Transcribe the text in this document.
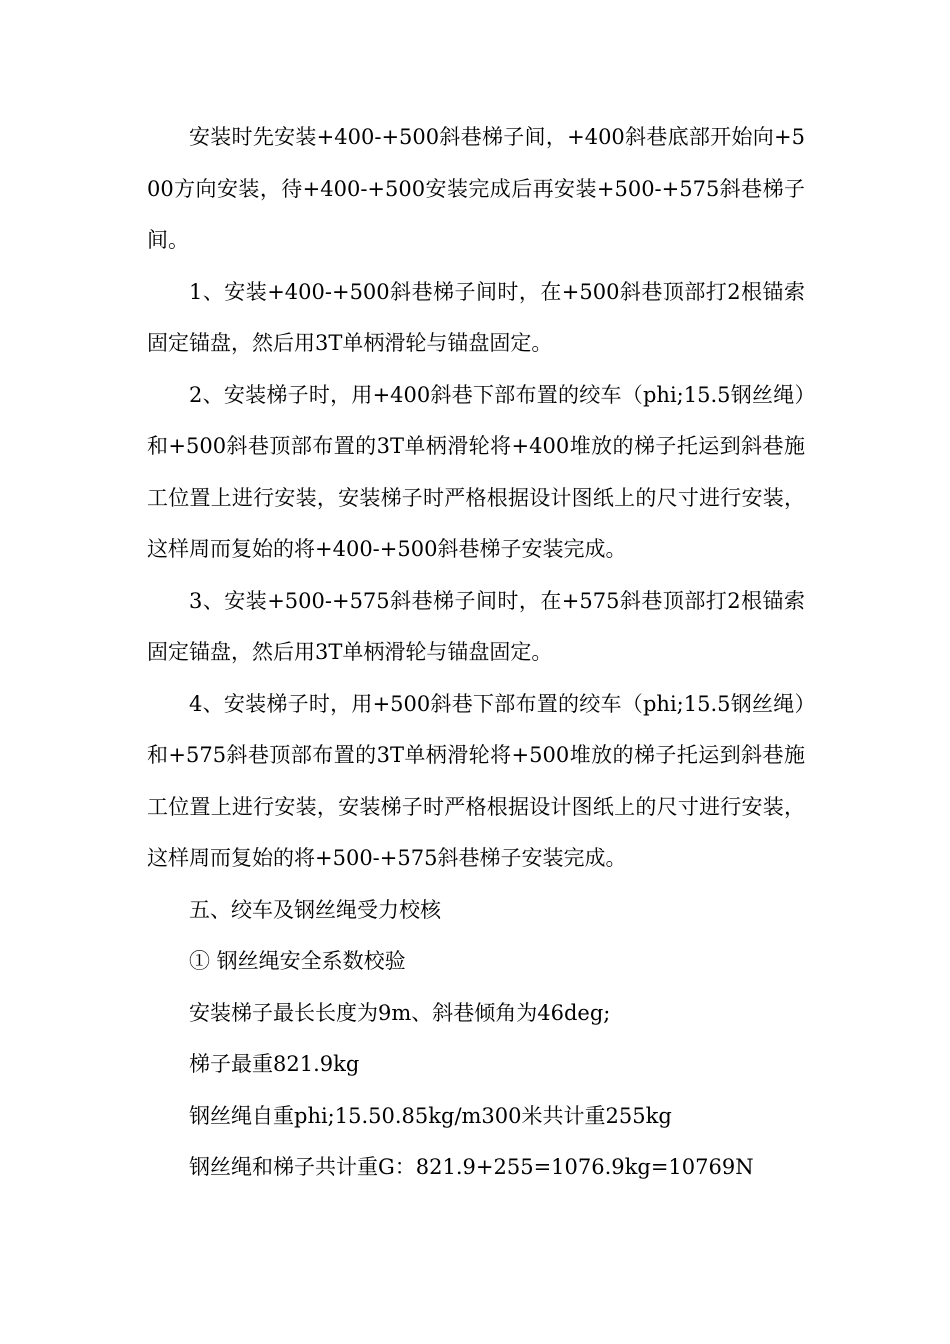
安装时先安装+400-+500斜巷梯子间，+400斜巷底部开始向+500方向安装，待+400-+500安装完成后再安装+500-+575斜巷梯子间。

1、安装+400-+500斜巷梯子间时，在+500斜巷顶部打2根锚索固定锚盘，然后用3T单柄滑轮与锚盘固定。

2、安装梯子时，用+400斜巷下部布置的绞车（phi;15.5钢丝绳）和+500斜巷顶部布置的3T单柄滑轮将+400堆放的梯子托运到斜巷施工位置上进行安装，安装梯子时严格根据设计图纸上的尺寸进行安装，这样周而复始的将+400-+500斜巷梯子安装完成。

3、安装+500-+575斜巷梯子间时，在+575斜巷顶部打2根锚索固定锚盘，然后用3T单柄滑轮与锚盘固定。

4、安装梯子时，用+500斜巷下部布置的绞车（phi;15.5钢丝绳）和+575斜巷顶部布置的3T单柄滑轮将+500堆放的梯子托运到斜巷施工位置上进行安装，安装梯子时严格根据设计图纸上的尺寸进行安装，这样周而复始的将+500-+575斜巷梯子安装完成。

五、绞车及钢丝绳受力校核

① 钢丝绳安全系数校验

安装梯子最长长度为9m、斜巷倾角为46deg;

梯子最重821.9kg

钢丝绳自重phi;15.50.85kg/m300米共计重255kg

钢丝绳和梯子共计重G：821.9+255=1076.9kg=10769N
